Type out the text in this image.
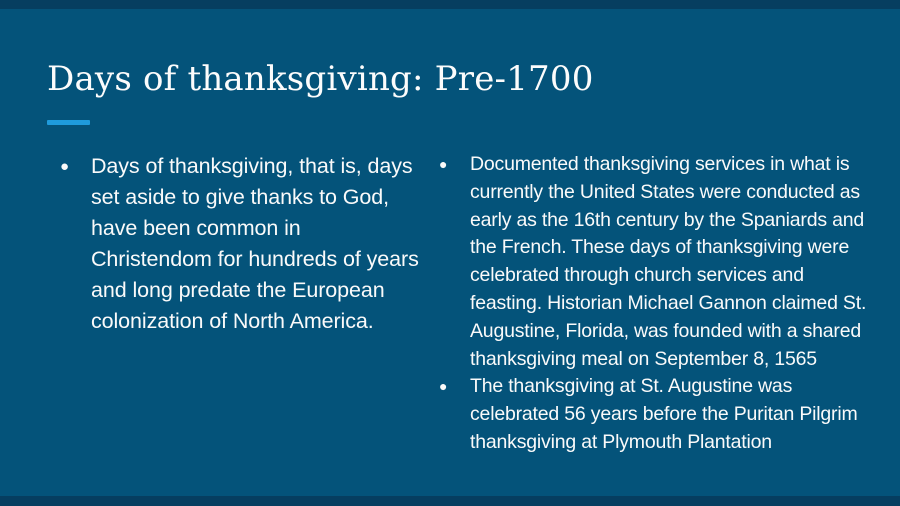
Days of thanksgiving: Pre-1700
●	Days of thanksgiving, that is, days set aside to give thanks to God, have been common in Christendom for hundreds of years and long predate the European colonization of North America.
●	Documented thanksgiving services in what is currently the United States were conducted as early as the 16th century by the Spaniards and the French. These days of thanksgiving were celebrated through church services and feasting. Historian Michael Gannon claimed St. Augustine, Florida, was founded with a shared thanksgiving meal on September 8, 1565
●	The thanksgiving at St. Augustine was celebrated 56 years before the Puritan Pilgrim thanksgiving at Plymouth Plantation
